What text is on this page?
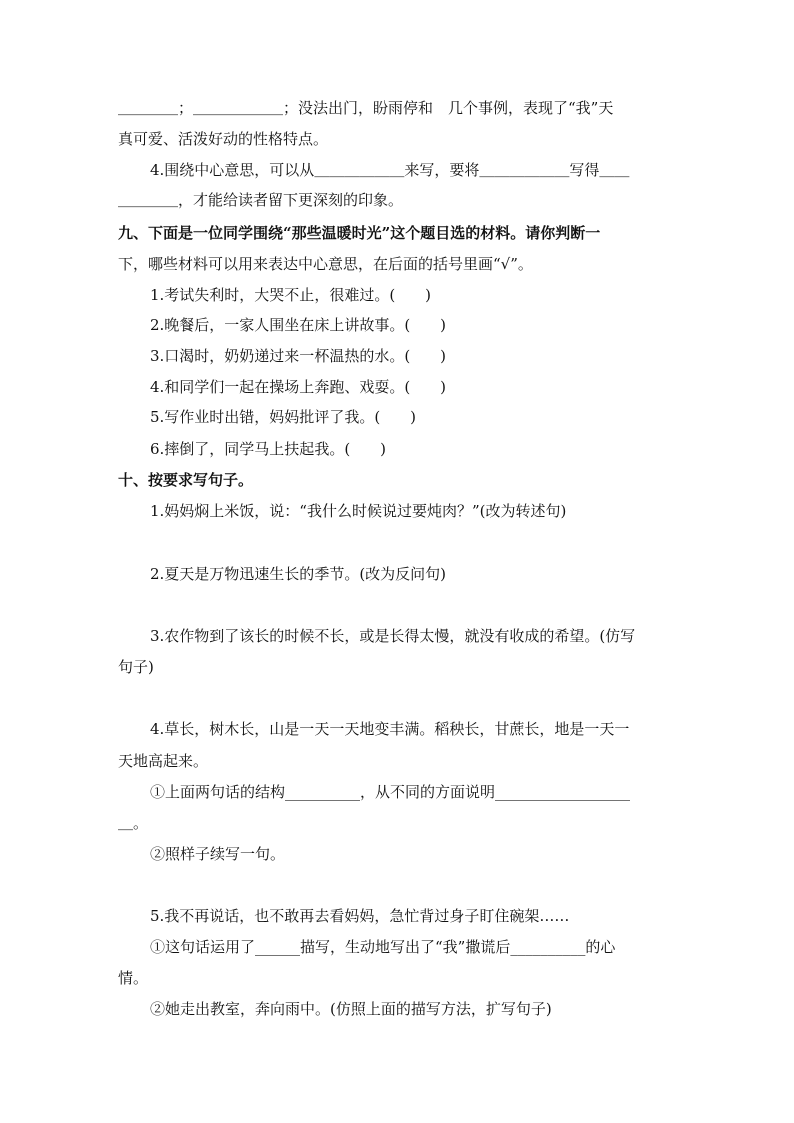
＿＿＿＿；＿＿＿＿＿＿；没法出门，盼雨停和　几个事例，表现了“我”天
真可爱、活泼好动的性格特点。
4.围绕中心意思，可以从＿＿＿＿＿＿来写，要将＿＿＿＿＿＿写得＿＿
＿＿＿＿，才能给读者留下更深刻的印象。
九、下面是一位同学围绕“那些温暖时光”这个题目选的材料。请你判断一
下，哪些材料可以用来表达中心意思，在后面的括号里画“√”。
1.考试失利时，大哭不止，很难过。(　　)
2.晚餐后，一家人围坐在床上讲故事。(　　)
3.口渴时，奶奶递过来一杯温热的水。(　　)
4.和同学们一起在操场上奔跑、戏耍。(　　)
5.写作业时出错，妈妈批评了我。(　　)
6.摔倒了，同学马上扶起我。(　　)
十、按要求写句子。
1.妈妈焖上米饭，说：“我什么时候说过要炖肉？”(改为转述句)
2.夏天是万物迅速生长的季节。(改为反问句)
3.农作物到了该长的时候不长，或是长得太慢，就没有收成的希望。(仿写
句子)
4.草长，树木长，山是一天一天地变丰满。稻秧长，甘蔗长，地是一天一
天地高起来。
①上面两句话的结构__________，从不同的方面说明__________________
＿。
②照样子续写一句。
5.我不再说话，也不敢再去看妈妈，急忙背过身子盯住碗架……
①这句话运用了______描写，生动地写出了“我”撒谎后__________的心
情。
②她走出教室，奔向雨中。(仿照上面的描写方法，扩写句子)
